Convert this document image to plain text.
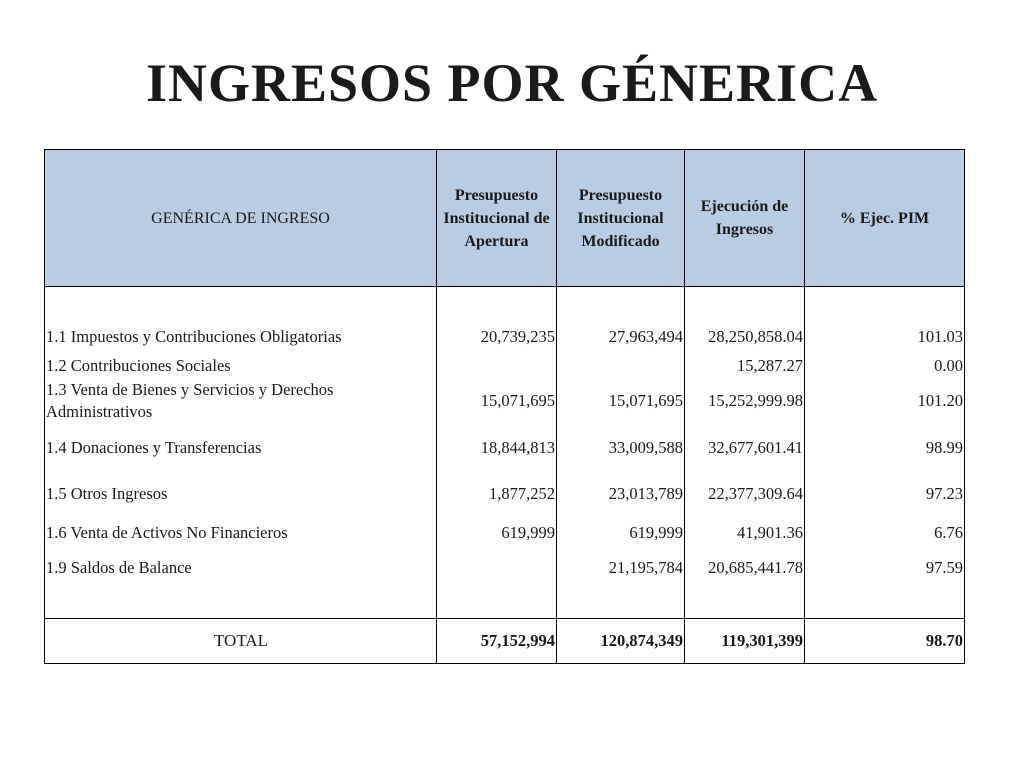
INGRESOS POR GÉNERICA
GENÉRICA DE INGRESO	Presupuesto Institucional de Apertura	Presupuesto Institucional Modificado	Ejecución de Ingresos	% Ejec. PIM

1.1 Impuestos y Contribuciones Obligatorias	20,739,235	27,963,494	28,250,858.04	101.03
1.2 Contribuciones Sociales			15,287.27	0.00
1.3 Venta de Bienes y Servicios y Derechos Administrativos	15,071,695	15,071,695	15,252,999.98	101.20
1.4 Donaciones y Transferencias	18,844,813	33,009,588	32,677,601.41	98.99
1.5 Otros Ingresos	1,877,252	23,013,789	22,377,309.64	97.23
1.6 Venta de Activos No Financieros	619,999	619,999	41,901.36	6.76
1.9 Saldos de Balance		21,195,784	20,685,441.78	97.59

TOTAL	57,152,994	120,874,349	119,301,399	98.70
